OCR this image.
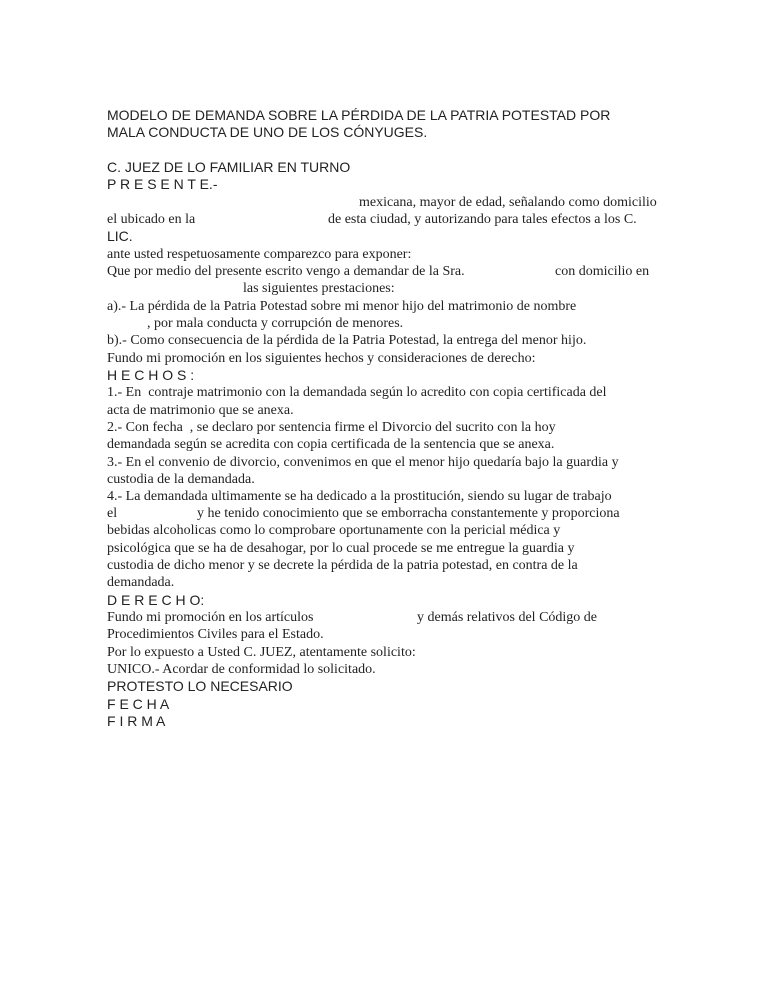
MODELO DE DEMANDA SOBRE LA PÉRDIDA DE LA PATRIA POTESTAD POR
MALA CONDUCTA DE UNO DE LOS CÓNYUGES.
C. JUEZ DE LO FAMILIAR EN TURNO
P R E S E N T E.-
mexicana, mayor de edad, señalando como domicilio
el ubicado en la	de esta ciudad, y autorizando para tales efectos a los C.
LIC.
ante usted respetuosamente comparezco para exponer:
Que por medio del presente escrito vengo a demandar de la Sra.	con domicilio en
las siguientes prestaciones:
a).- La pérdida de la Patria Potestad sobre mi menor hijo del matrimonio de nombre
, por mala conducta y corrupción de menores.
b).- Como consecuencia de la pérdida de la Patria Potestad, la entrega del menor hijo.
Fundo mi promoción en los siguientes hechos y consideraciones de derecho:
H E C H O S :
1.- En  contraje matrimonio con la demandada según lo acredito con copia certificada del
acta de matrimonio que se anexa.
2.- Con fecha  , se declaro por sentencia firme el Divorcio del sucrito con la hoy
demandada según se acredita con copia certificada de la sentencia que se anexa.
3.- En el convenio de divorcio, convenimos en que el menor hijo quedaría bajo la guardia y
custodia de la demandada.
4.- La demandada ultimamente se ha dedicado a la prostitución, siendo su lugar de trabajo
el	y he tenido conocimiento que se emborracha constantemente y proporciona
bebidas alcoholicas como lo comprobare oportunamente con la pericial médica y
psicológica que se ha de desahogar, por lo cual procede se me entregue la guardia y
custodia de dicho menor y se decrete la pérdida de la patria potestad, en contra de la
demandada.
D E R E C H O:
Fundo mi promoción en los artículos	y demás relativos del Código de
Procedimientos Civiles para el Estado.
Por lo expuesto a Usted C. JUEZ, atentamente solicito:
UNICO.- Acordar de conformidad lo solicitado.
PROTESTO LO NECESARIO
F E C H A
F I R M A
